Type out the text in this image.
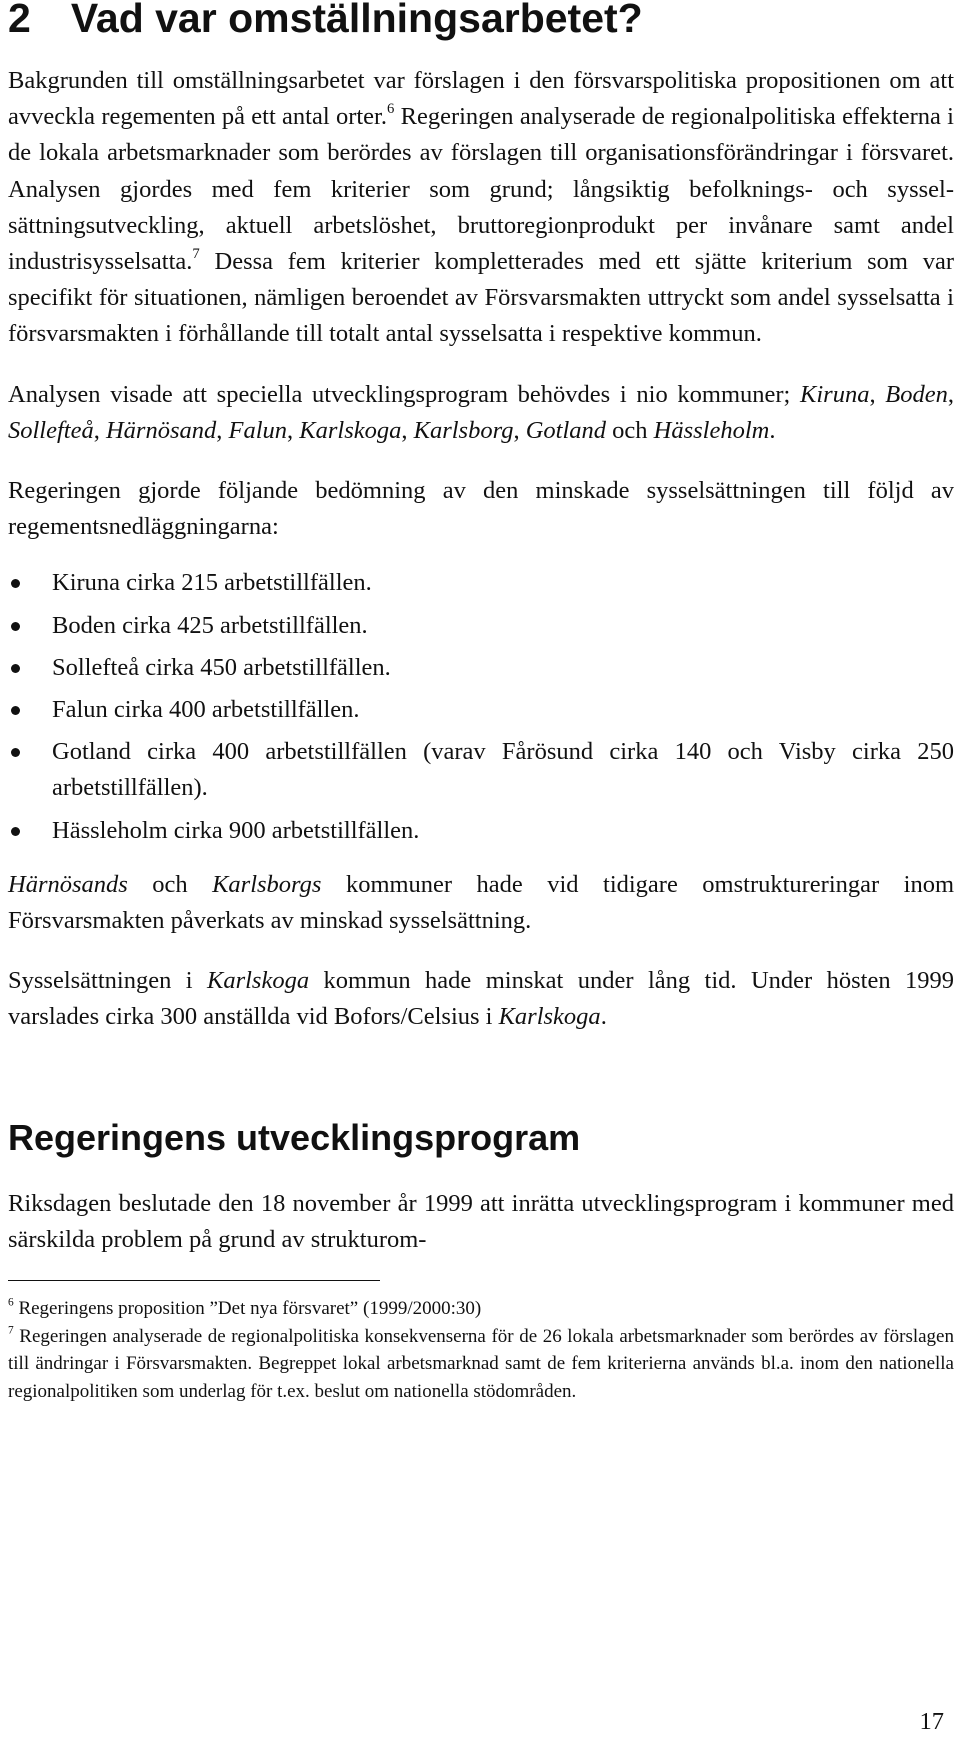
2 Vad var omställningsarbetet?

Bakgrunden till omställningsarbetet var förslagen i den försvarspolitiska propositionen om att avveckla regementen på ett antal orter.$^6$ Regeringen analyserade de regionalpolitiska effekterna i de lokala arbetsmarknader som berördes av förslagen till organisationsförändringar i försvaret. Analysen gjordes med fem kriterier som grund; långsiktig befolknings- och sysselsättningsutveckling, aktuell arbetslöshet, bruttoregionprodukt per invånare samt andel industrisysselsatta.$^7$ Dessa fem kriterier kompletterades med ett sjätte kriterium som var specifikt för situationen, nämligen beroendet av Försvarsmakten uttryckt som andel sysselsatta i försvarsmakten i förhållande till totalt antal sysselsatta i respektive kommun.

Analysen visade att speciella utvecklingsprogram behövdes i nio kommuner; Kiruna, Boden, Sollefteå, Härnösand, Falun, Karlskoga, Karlsborg, Gotland och Hässleholm.

Regeringen gjorde följande bedömning av den minskade sysselsättningen till följd av regementsnedläggningarna:

Kiruna cirka 215 arbetstillfällen.
Boden cirka 425 arbetstillfällen.
Sollefteå cirka 450 arbetstillfällen.
Falun cirka 400 arbetstillfällen.
Gotland cirka 400 arbetstillfällen (varav Fårösund cirka 140 och Visby cirka 250 arbetstillfällen).
Hässleholm cirka 900 arbetstillfällen.

Härnösands och Karlsborgs kommuner hade vid tidigare omstruktureringar inom Försvarsmakten påverkats av minskad sysselsättning.

Sysselsättningen i Karlskoga kommun hade minskat under lång tid. Under hösten 1999 varslades cirka 300 anställda vid Bofors/Celsius i Karlskoga.

Regeringens utvecklingsprogram

Riksdagen beslutade den 18 november år 1999 att inrätta utvecklingsprogram i kommuner med särskilda problem på grund av strukturom-

$^6$ Regeringens proposition ”Det nya försvaret” (1999/2000:30)

$^7$ Regeringen analyserade de regionalpolitiska konsekvenserna för de 26 lokala arbetsmarknader som berördes av förslagen till ändringar i Försvarsmakten. Begreppet lokal arbetsmarknad samt de fem kriterierna används bl.a. inom den nationella regionalpolitiken som underlag för t.ex. beslut om nationella stödområden.

17
